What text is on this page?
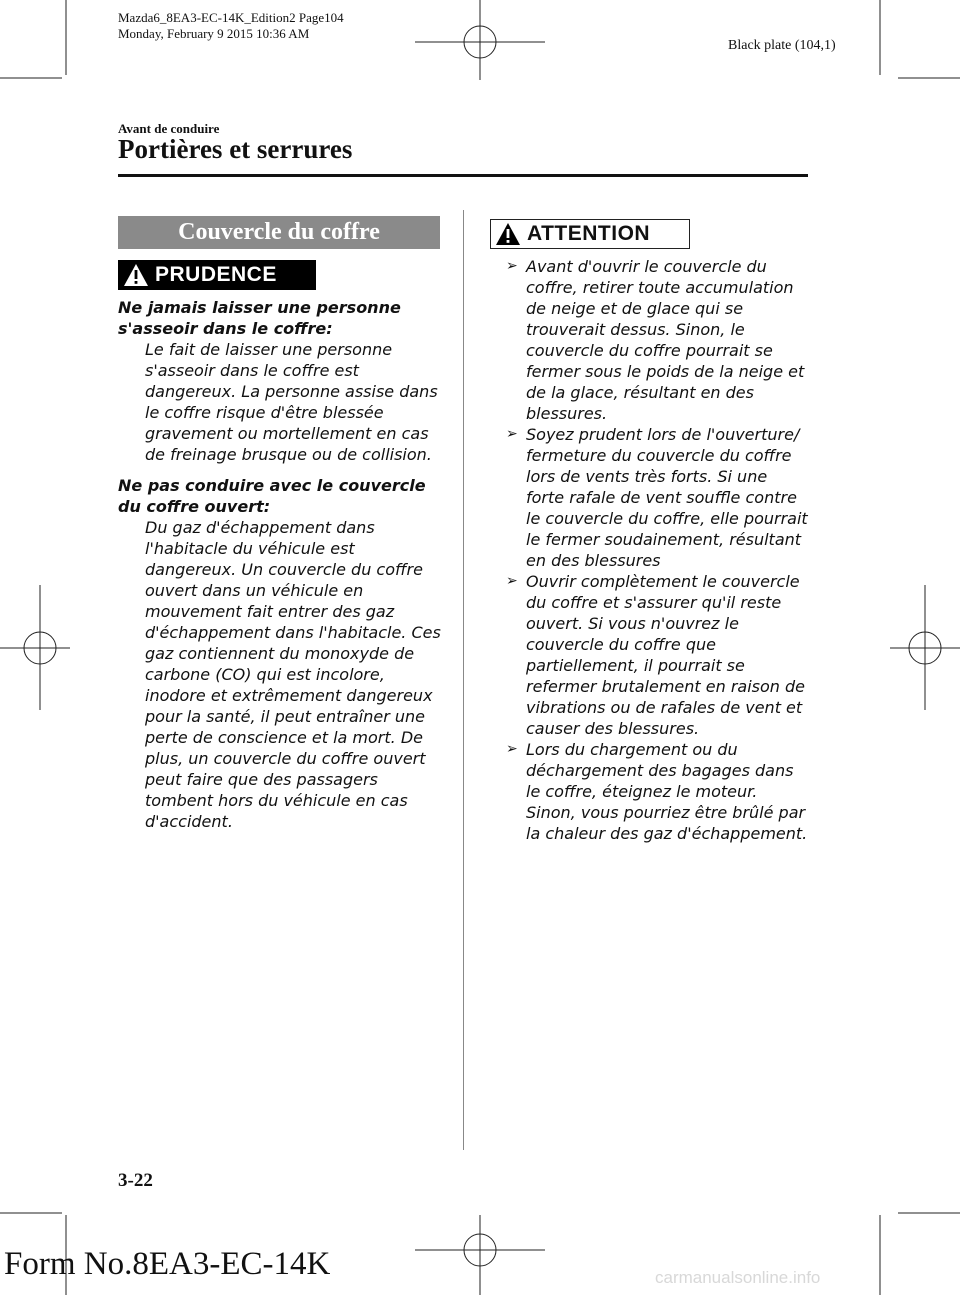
Mazda6_8EA3-EC-14K_Edition2 Page104
Monday, February 9 2015 10:36 AM
Black plate (104,1)
Avant de conduire
Portières et serrures
Couvercle du coffre
PRUDENCE

Ne jamais laisser une personne s'asseoir dans le coffre:

Le fait de laisser une personne s'asseoir dans le coffre est dangereux. La personne assise dans le coffre risque d'être blessée gravement ou mortellement en cas de freinage brusque ou de collision.

Ne pas conduire avec le couvercle du coffre ouvert:

Du gaz d'échappement dans l'habitacle du véhicule est dangereux. Un couvercle du coffre ouvert dans un véhicule en mouvement fait entrer des gaz d'échappement dans l'habitacle. Ces gaz contiennent du monoxyde de carbone (CO) qui est incolore, inodore et extrêmement dangereux pour la santé, il peut entraîner une perte de conscience et la mort. De plus, un couvercle du coffre ouvert peut faire que des passagers tombent hors du véhicule en cas d'accident.

ATTENTION
➢ Avant d'ouvrir le couvercle du coffre, retirer toute accumulation de neige et de glace qui se trouverait dessus. Sinon, le couvercle du coffre pourrait se fermer sous le poids de la neige et de la glace, résultant en des blessures.
➢ Soyez prudent lors de l'ouverture/ fermeture du couvercle du coffre lors de vents très forts. Si une forte rafale de vent souffle contre le couvercle du coffre, elle pourrait le fermer soudainement, résultant en des blessures
➢ Ouvrir complètement le couvercle du coffre et s'assurer qu'il reste ouvert. Si vous n'ouvrez le couvercle du coffre que partiellement, il pourrait se refermer brutalement en raison de vibrations ou de rafales de vent et causer des blessures.
➢ Lors du chargement ou du déchargement des bagages dans le coffre, éteignez le moteur. Sinon, vous pourriez être brûlé par la chaleur des gaz d'échappement.
3-22
Form No.8EA3-EC-14K	carmanualsonline.info
